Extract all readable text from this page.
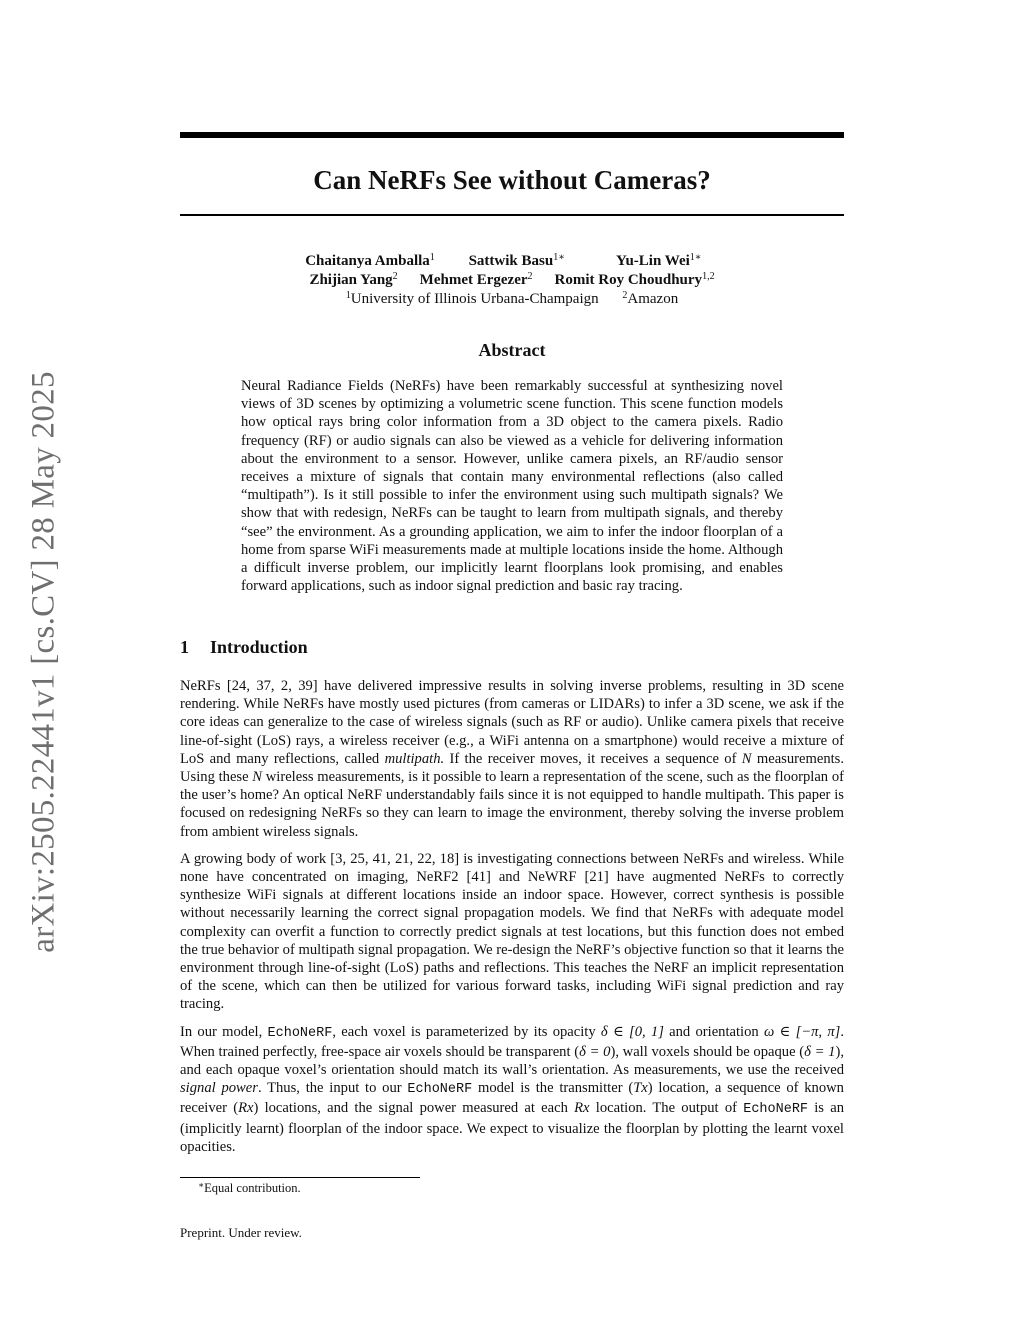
arXiv:2505.22441v1 [cs.CV] 28 May 2025
Can NeRFs See without Cameras?
Chaitanya Amballa$^1$	Sattwik Basu$^{1∗}$	Yu-Lin Wei$^{1∗}$
Zhijian Yang$^2$ Mehmet Ergezer$^2$ Romit Roy Choudhury$^{1,2}$
$^1$University of Illinois Urbana-Champaign $^2$Amazon
Abstract

Neural Radiance Fields (NeRFs) have been remarkably successful at synthesizing novel views of 3D scenes by optimizing a volumetric scene function. This scene function models how optical rays bring color information from a 3D object to the camera pixels. Radio frequency (RF) or audio signals can also be viewed as a vehicle for delivering information about the environment to a sensor. However, unlike camera pixels, an RF/audio sensor receives a mixture of signals that contain many environmental reflections (also called “multipath”). Is it still possible to infer the environment using such multipath signals? We show that with redesign, NeRFs can be taught to learn from multipath signals, and thereby “see” the environment. As a grounding application, we aim to infer the indoor floorplan of a home from sparse WiFi measurements made at multiple locations inside the home. Although a difficult inverse problem, our implicitly learnt floorplans look promising, and enables forward applications, such as indoor signal prediction and basic ray tracing.

1 Introduction

NeRFs [24, 37, 2, 39] have delivered impressive results in solving inverse problems, resulting in 3D scene rendering. While NeRFs have mostly used pictures (from cameras or LIDARs) to infer a 3D scene, we ask if the core ideas can generalize to the case of wireless signals (such as RF or audio). Unlike camera pixels that receive line-of-sight (LoS) rays, a wireless receiver (e.g., a WiFi antenna on a smartphone) would receive a mixture of LoS and many reflections, called multipath. If the receiver moves, it receives a sequence of N measurements. Using these N wireless measurements, is it possible to learn a representation of the scene, such as the floorplan of the user’s home? An optical NeRF understandably fails since it is not equipped to handle multipath. This paper is focused on redesigning NeRFs so they can learn to image the environment, thereby solving the inverse problem from ambient wireless signals.

A growing body of work [3, 25, 41, 21, 22, 18] is investigating connections between NeRFs and wireless. While none have concentrated on imaging, NeRF2 [41] and NeWRF [21] have augmented NeRFs to correctly synthesize WiFi signals at different locations inside an indoor space. However, correct synthesis is possible without necessarily learning the correct signal propagation models. We find that NeRFs with adequate model complexity can overfit a function to correctly predict signals at test locations, but this function does not embed the true behavior of multipath signal propagation. We re-design the NeRF’s objective function so that it learns the environment through line-of-sight (LoS) paths and reflections. This teaches the NeRF an implicit representation of the scene, which can then be utilized for various forward tasks, including WiFi signal prediction and ray tracing.

In our model, EchoNeRF, each voxel is parameterized by its opacity δ ∈ [0, 1] and orientation ω ∈ [−π, π]. When trained perfectly, free-space air voxels should be transparent (δ = 0), wall voxels should be opaque (δ = 1), and each opaque voxel’s orientation should match its wall’s orientation. As measurements, we use the received signal power. Thus, the input to our EchoNeRF model is the transmitter (Tx) location, a sequence of known receiver (Rx) locations, and the signal power measured at each Rx location. The output of EchoNeRF is an (implicitly learnt) floorplan of the indoor space. We expect to visualize the floorplan by plotting the learnt voxel opacities.

∗Equal contribution.
Preprint. Under review.
